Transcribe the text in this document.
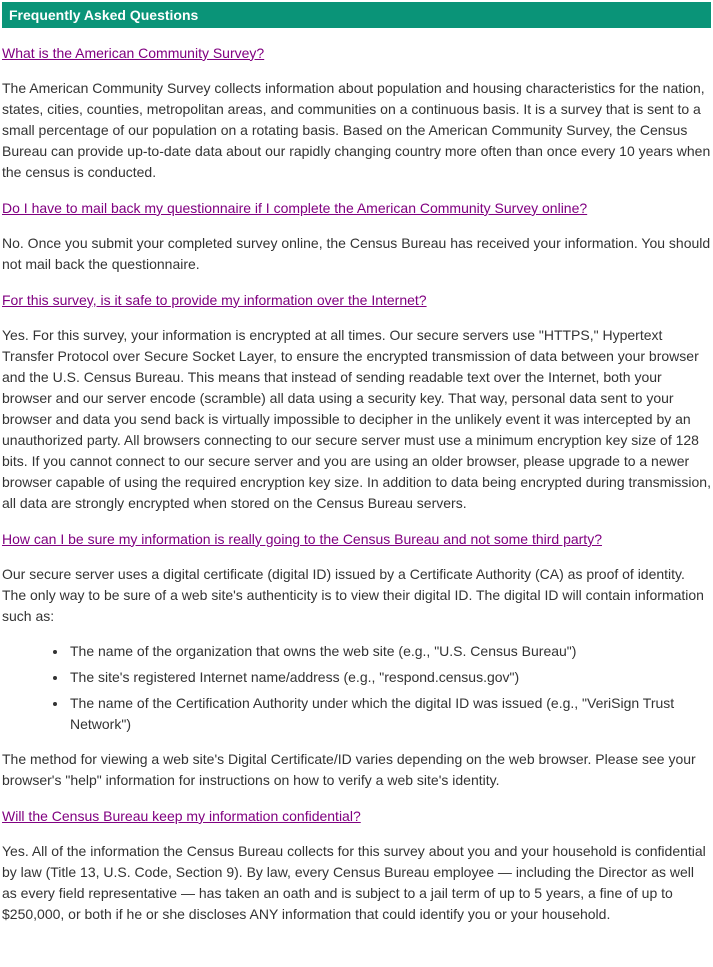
Frequently Asked Questions

What is the American Community Survey?

The American Community Survey collects information about population and housing characteristics for the nation, states, cities, counties, metropolitan areas, and communities on a continuous basis. It is a survey that is sent to a small percentage of our population on a rotating basis. Based on the American Community Survey, the Census Bureau can provide up-to-date data about our rapidly changing country more often than once every 10 years when the census is conducted.

Do I have to mail back my questionnaire if I complete the American Community Survey online?

No. Once you submit your completed survey online, the Census Bureau has received your information. You should not mail back the questionnaire.

For this survey, is it safe to provide my information over the Internet?

Yes. For this survey, your information is encrypted at all times. Our secure servers use "HTTPS," Hypertext Transfer Protocol over Secure Socket Layer, to ensure the encrypted transmission of data between your browser and the U.S. Census Bureau. This means that instead of sending readable text over the Internet, both your browser and our server encode (scramble) all data using a security key. That way, personal data sent to your browser and data you send back is virtually impossible to decipher in the unlikely event it was intercepted by an unauthorized party. All browsers connecting to our secure server must use a minimum encryption key size of 128 bits. If you cannot connect to our secure server and you are using an older browser, please upgrade to a newer browser capable of using the required encryption key size. In addition to data being encrypted during transmission, all data are strongly encrypted when stored on the Census Bureau servers.

How can I be sure my information is really going to the Census Bureau and not some third party?

Our secure server uses a digital certificate (digital ID) issued by a Certificate Authority (CA) as proof of identity. The only way to be sure of a web site's authenticity is to view their digital ID. The digital ID will contain information such as:

• The name of the organization that owns the web site (e.g., "U.S. Census Bureau")
• The site's registered Internet name/address (e.g., "respond.census.gov")
• The name of the Certification Authority under which the digital ID was issued (e.g., "VeriSign Trust Network")

The method for viewing a web site's Digital Certificate/ID varies depending on the web browser. Please see your browser's "help" information for instructions on how to verify a web site's identity.

Will the Census Bureau keep my information confidential?

Yes. All of the information the Census Bureau collects for this survey about you and your household is confidential by law (Title 13, U.S. Code, Section 9). By law, every Census Bureau employee — including the Director as well as every field representative — has taken an oath and is subject to a jail term of up to 5 years, a fine of up to $250,000, or both if he or she discloses ANY information that could identify you or your household.
